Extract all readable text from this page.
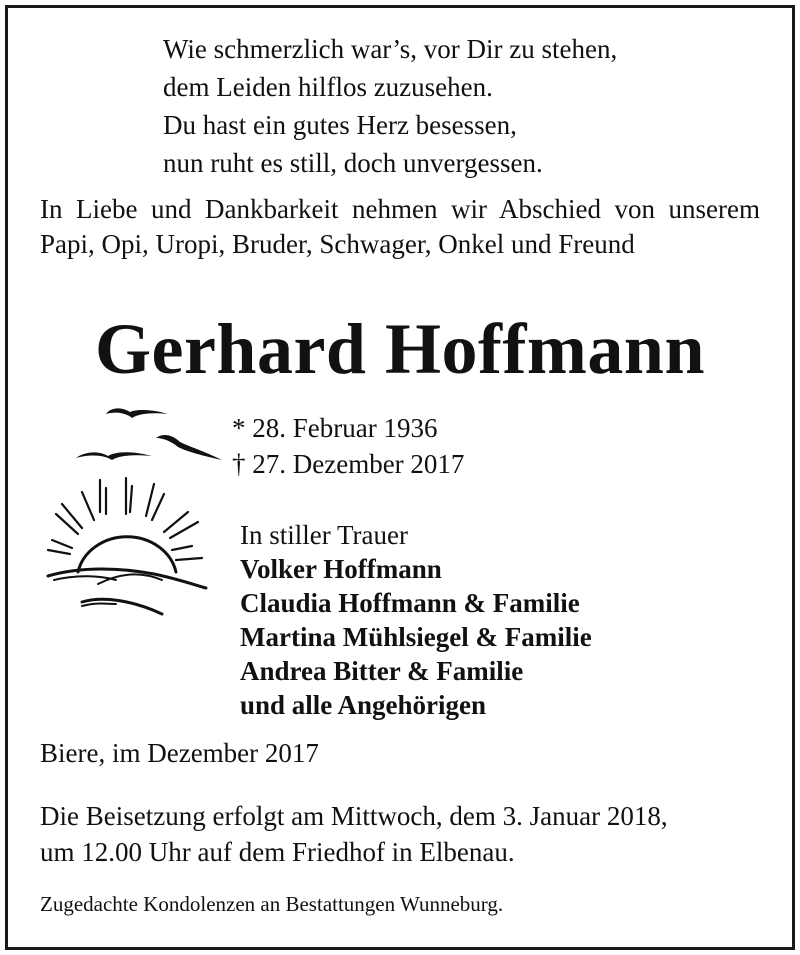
Wie schmerzlich war’s, vor Dir zu stehen,
dem Leiden hilflos zuzusehen.
Du hast ein gutes Herz besessen,
nun ruht es still, doch unvergessen.
In Liebe und Dankbarkeit nehmen wir Abschied von unserem Papi, Opi, Uropi, Bruder, Schwager, Onkel und Freund
Gerhard Hoffmann
* 28. Februar 1936
† 27. Dezember 2017
In stiller Trauer
Volker Hoffmann
Claudia Hoffmann & Familie
Martina Mühlsiegel & Familie
Andrea Bitter & Familie
und alle Angehörigen
Biere, im Dezember 2017
Die Beisetzung erfolgt am Mittwoch, dem 3. Januar 2018,
um 12.00 Uhr auf dem Friedhof in Elbenau.
Zugedachte Kondolenzen an Bestattungen Wunneburg.
